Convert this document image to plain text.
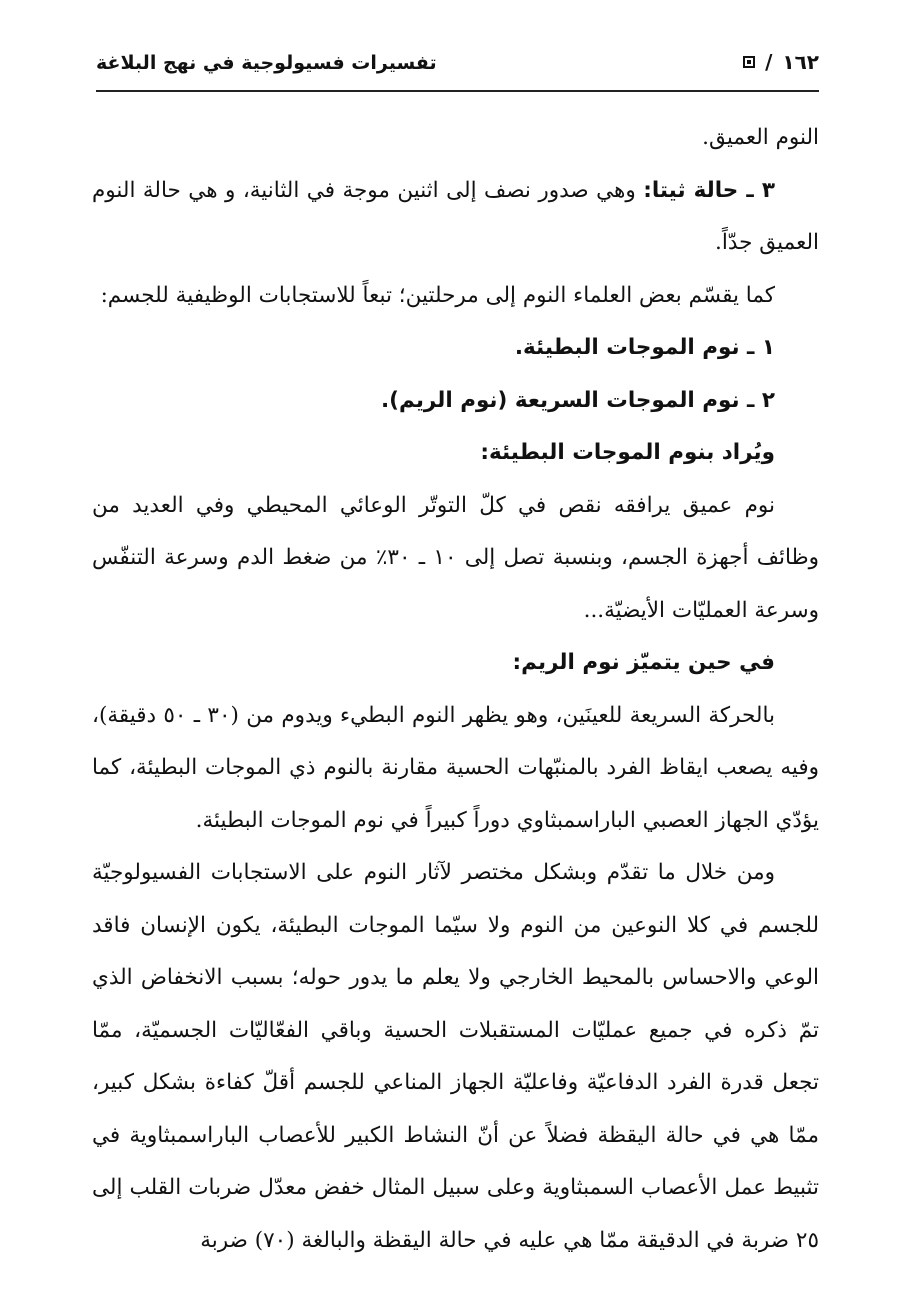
تفسيرات فسيولوجية في نهج البلاغة	/ ١٦٢

النوم العميق.

٣ ـ حالة ثيتا: وهي صدور نصف إلى اثنين موجة في الثانية، و هي حالة النوم العميق جدّاً.

كما يقسّم بعض العلماء النوم إلى مرحلتين؛ تبعاً للاستجابات الوظيفية للجسم:

١ ـ نوم الموجات البطيئة.

٢ ـ نوم الموجات السريعة (نوم الريم).

ويُراد بنوم الموجات البطيئة:

نوم عميق يرافقه نقص في كلّ التوتّر الوعائي المحيطي وفي العديد من وظائف أجهزة الجسم، وبنسبة تصل إلى ١٠ ـ ٣٠٪ من ضغط الدم وسرعة التنفّس وسرعة العمليّات الأيضيّة...

في حين يتميّز نوم الريم:

بالحركة السريعة للعينَين، وهو يظهر النوم البطيء ويدوم من (٣٠ ـ ٥٠ دقيقة)، وفيه يصعب ايقاظ الفرد بالمنبّهات الحسية مقارنة بالنوم ذي الموجات البطيئة، كما يؤدّي الجهاز العصبي الباراسمبثاوي دوراً كبيراً في نوم الموجات البطيئة.

ومن خلال ما تقدّم وبشكل مختصر لآثار النوم على الاستجابات الفسيولوجيّة للجسم في كلا النوعين من النوم ولا سيّما الموجات البطيئة، يكون الإنسان فاقد الوعي والاحساس بالمحيط الخارجي ولا يعلم ما يدور حوله؛ بسبب الانخفاض الذي تمّ ذكره في جميع عمليّات المستقبلات الحسية وباقي الفعّاليّات الجسميّة، ممّا تجعل قدرة الفرد الدفاعيّة وفاعليّة الجهاز المناعي للجسم أقلّ كفاءة بشكل كبير، ممّا هي في حالة اليقظة فضلاً عن أنّ النشاط الكبير للأعصاب الباراسمبثاوية في تثبيط عمل الأعصاب السمبثاوية وعلى سبيل المثال خفض معدّل ضربات القلب إلى ٢٥ ضربة في الدقيقة ممّا هي عليه في حالة اليقظة والبالغة (٧٠) ضربة
